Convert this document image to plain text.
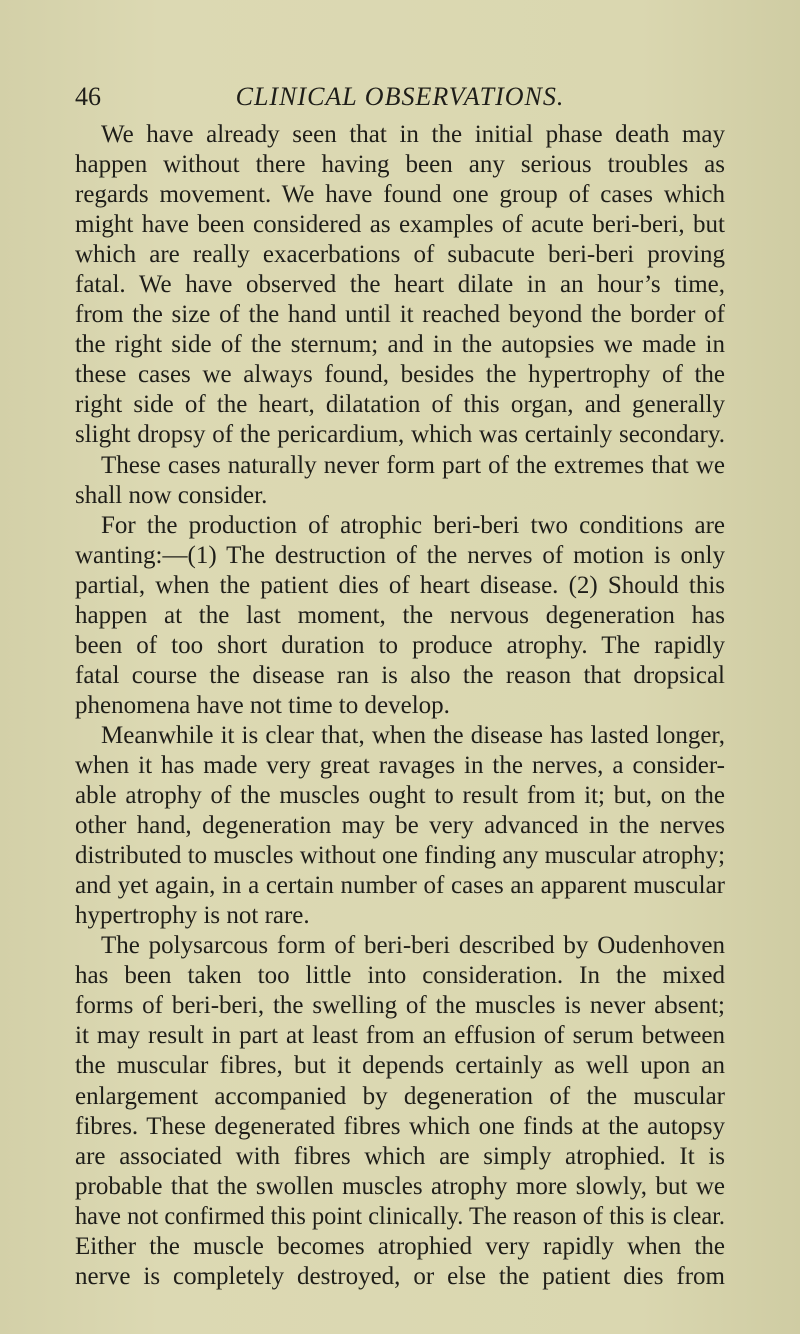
46	CLINICAL OBSERVATIONS.
We have already seen that in the initial phase death may
happen without there having been any serious troubles as
regards movement. We have found one group of cases which
might have been considered as examples of acute beri-beri, but
which are really exacerbations of subacute beri-beri proving
fatal. We have observed the heart dilate in an hour’s time,
from the size of the hand until it reached beyond the border of
the right side of the sternum; and in the autopsies we made in
these cases we always found, besides the hypertrophy of the
right side of the heart, dilatation of this organ, and generally
slight dropsy of the pericardium, which was certainly secondary.
These cases naturally never form part of the extremes that we
shall now consider.
For the production of atrophic beri-beri two conditions are
wanting:—(1) The destruction of the nerves of motion is only
partial, when the patient dies of heart disease. (2) Should this
happen at the last moment, the nervous degeneration has
been of too short duration to produce atrophy. The rapidly
fatal course the disease ran is also the reason that dropsical
phenomena have not time to develop.
Meanwhile it is clear that, when the disease has lasted longer,
when it has made very great ravages in the nerves, a consider-
able atrophy of the muscles ought to result from it; but, on the
other hand, degeneration may be very advanced in the nerves
distributed to muscles without one finding any muscular atrophy;
and yet again, in a certain number of cases an apparent muscular
hypertrophy is not rare.
The polysarcous form of beri-beri described by Oudenhoven
has been taken too little into consideration. In the mixed
forms of beri-beri, the swelling of the muscles is never absent;
it may result in part at least from an effusion of serum between
the muscular fibres, but it depends certainly as well upon an
enlargement accompanied by degeneration of the muscular
fibres. These degenerated fibres which one finds at the autopsy
are associated with fibres which are simply atrophied. It is
probable that the swollen muscles atrophy more slowly, but we
have not confirmed this point clinically. The reason of this is clear.
Either the muscle becomes atrophied very rapidly when the
nerve is completely destroyed, or else the patient dies from
